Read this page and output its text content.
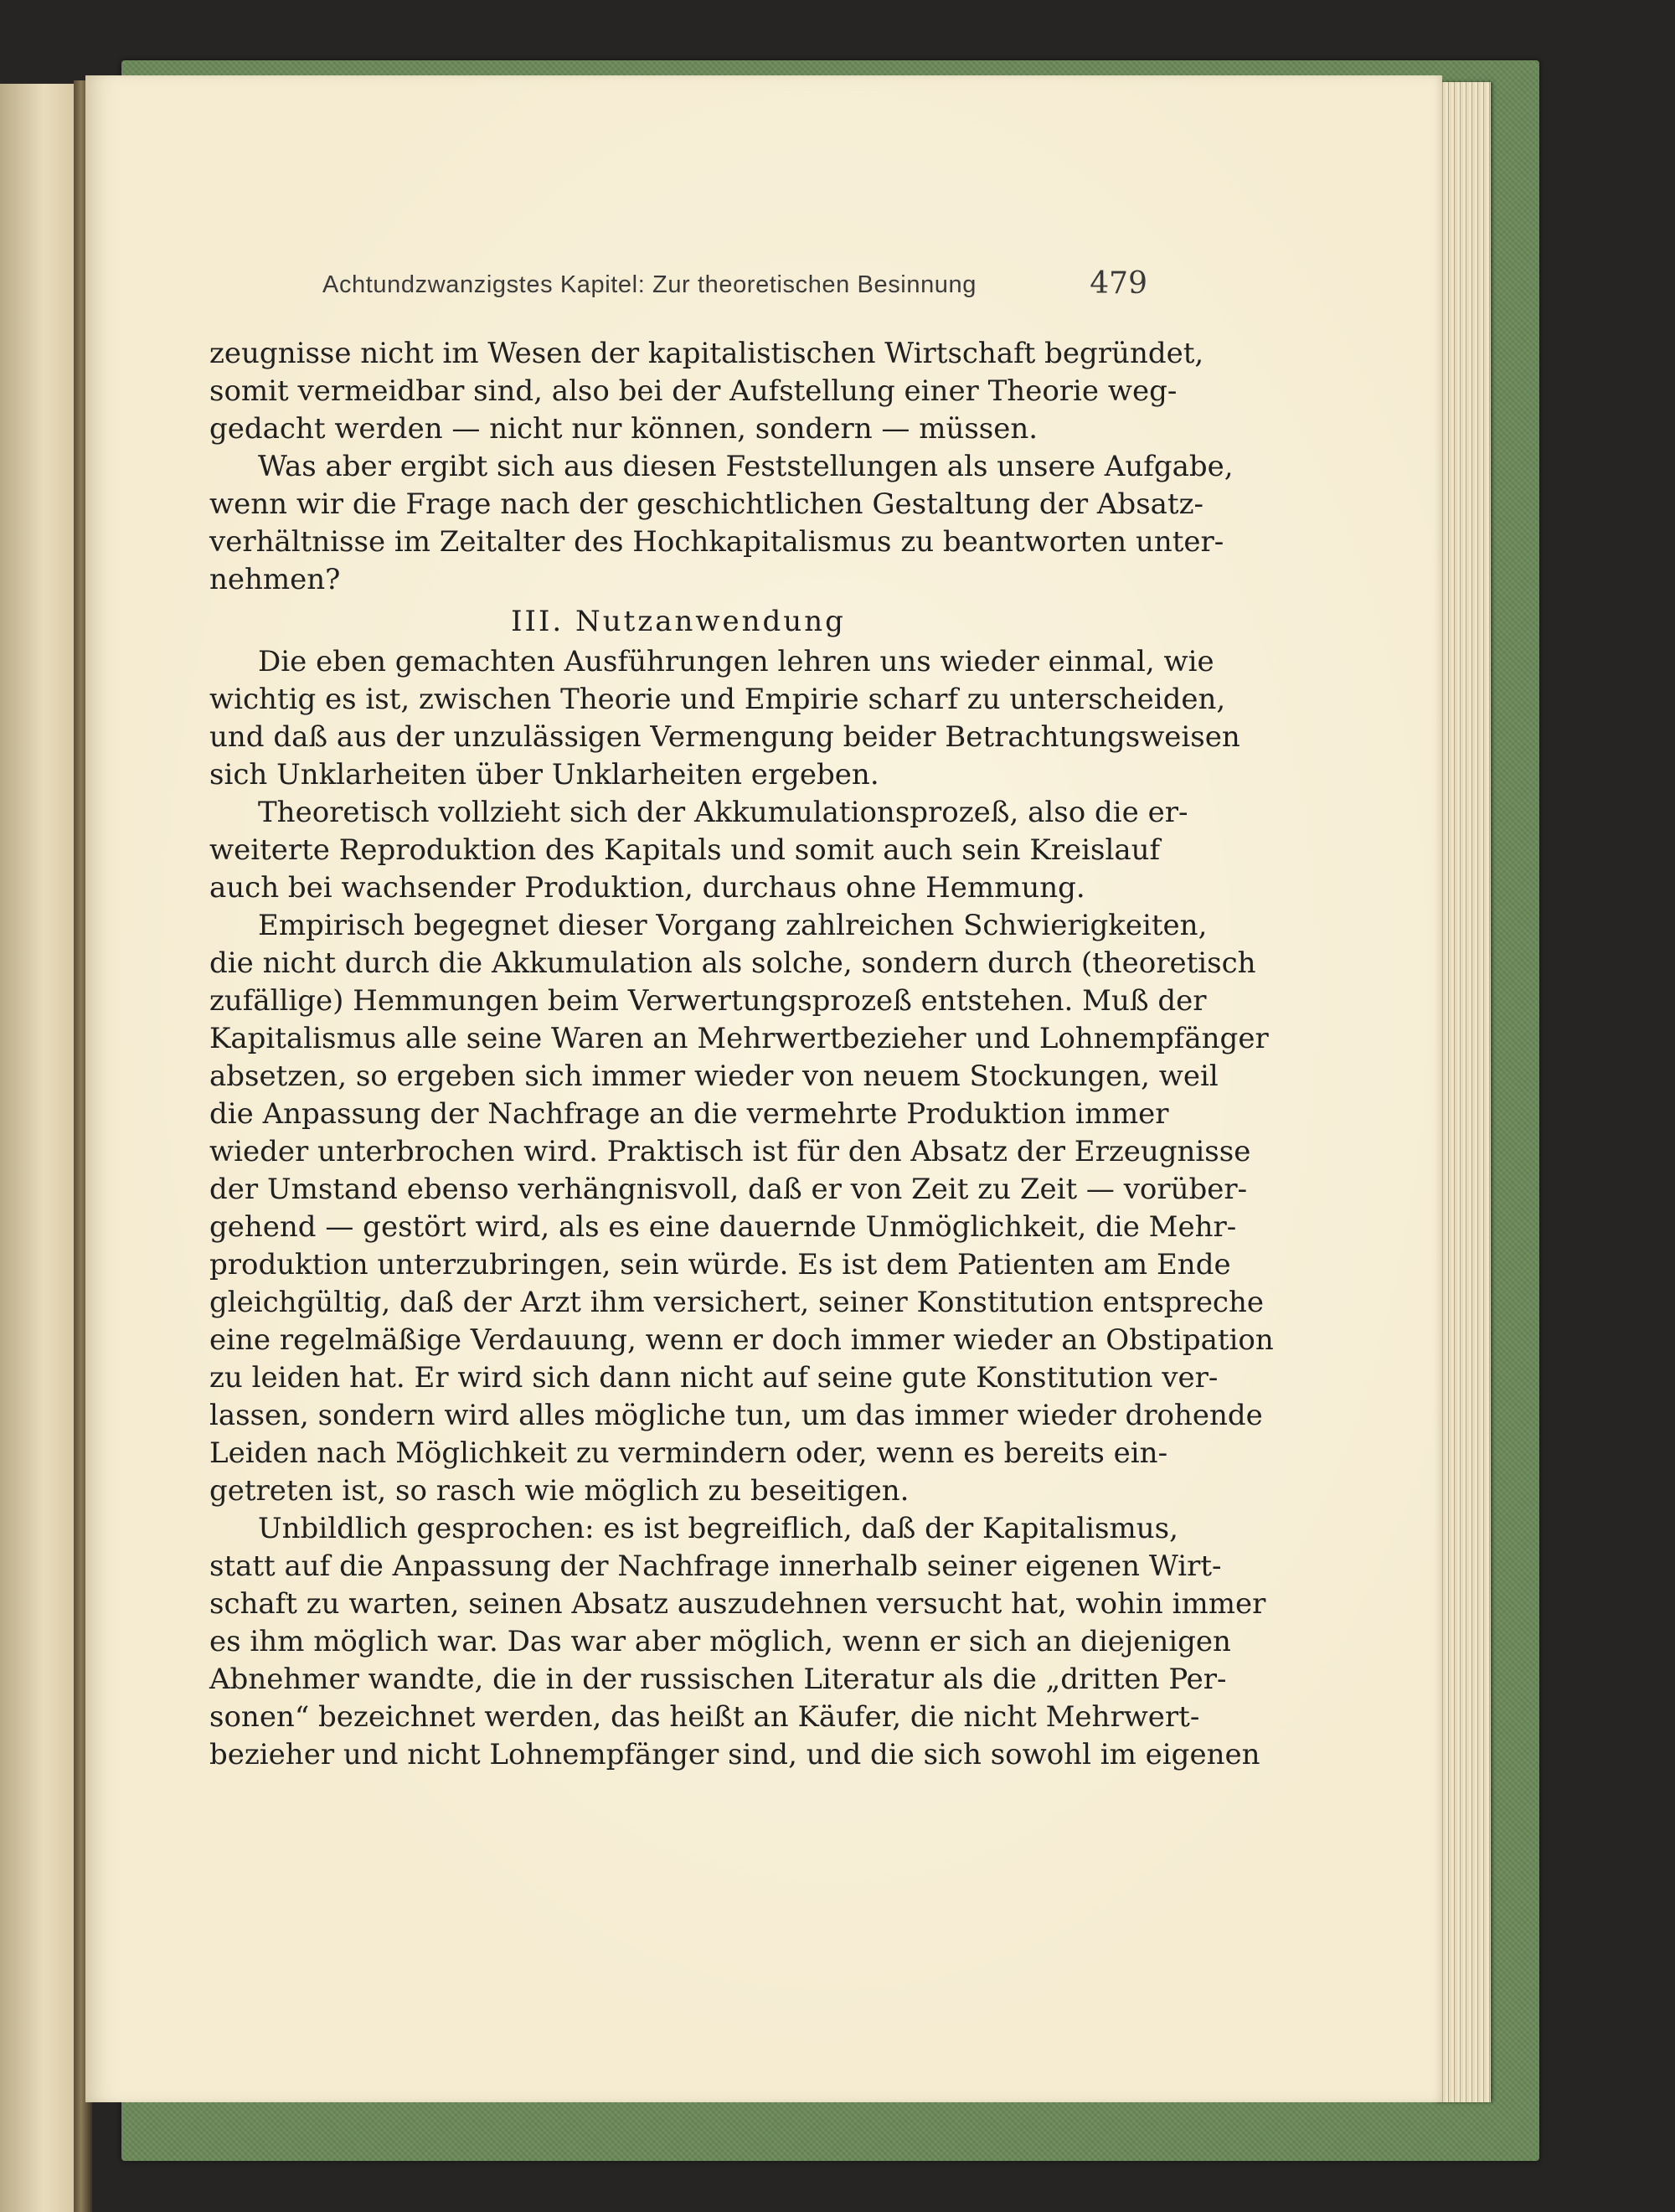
Achtundzwanzigstes Kapitel: Zur theoretischen Besinnung	479
zeugnisse nicht im Wesen der kapitalistischen Wirtschaft begründet,
somit vermeidbar sind, also bei der Aufstellung einer Theorie weg-
gedacht werden — nicht nur können, sondern — müssen.
Was aber ergibt sich aus diesen Feststellungen als unsere Aufgabe,
wenn wir die Frage nach der geschichtlichen Gestaltung der Absatz-
verhältnisse im Zeitalter des Hochkapitalismus zu beantworten unter-
nehmen?
III. Nutzanwendung
Die eben gemachten Ausführungen lehren uns wieder einmal, wie
wichtig es ist, zwischen Theorie und Empirie scharf zu unterscheiden,
und daß aus der unzulässigen Vermengung beider Betrachtungsweisen
sich Unklarheiten über Unklarheiten ergeben.
Theoretisch vollzieht sich der Akkumulationsprozeß, also die er-
weiterte Reproduktion des Kapitals und somit auch sein Kreislauf
auch bei wachsender Produktion, durchaus ohne Hemmung.
Empirisch begegnet dieser Vorgang zahlreichen Schwierigkeiten,
die nicht durch die Akkumulation als solche, sondern durch (theoretisch
zufällige) Hemmungen beim Verwertungsprozeß entstehen. Muß der
Kapitalismus alle seine Waren an Mehrwertbezieher und Lohnempfänger
absetzen, so ergeben sich immer wieder von neuem Stockungen, weil
die Anpassung der Nachfrage an die vermehrte Produktion immer
wieder unterbrochen wird. Praktisch ist für den Absatz der Erzeugnisse
der Umstand ebenso verhängnisvoll, daß er von Zeit zu Zeit — vorüber-
gehend — gestört wird, als es eine dauernde Unmöglichkeit, die Mehr-
produktion unterzubringen, sein würde. Es ist dem Patienten am Ende
gleichgültig, daß der Arzt ihm versichert, seiner Konstitution entspreche
eine regelmäßige Verdauung, wenn er doch immer wieder an Obstipation
zu leiden hat. Er wird sich dann nicht auf seine gute Konstitution ver-
lassen, sondern wird alles mögliche tun, um das immer wieder drohende
Leiden nach Möglichkeit zu vermindern oder, wenn es bereits ein-
getreten ist, so rasch wie möglich zu beseitigen.
Unbildlich gesprochen: es ist begreiflich, daß der Kapitalismus,
statt auf die Anpassung der Nachfrage innerhalb seiner eigenen Wirt-
schaft zu warten, seinen Absatz auszudehnen versucht hat, wohin immer
es ihm möglich war. Das war aber möglich, wenn er sich an diejenigen
Abnehmer wandte, die in der russischen Literatur als die „dritten Per-
sonen“ bezeichnet werden, das heißt an Käufer, die nicht Mehrwert-
bezieher und nicht Lohnempfänger sind, und die sich sowohl im eigenen
